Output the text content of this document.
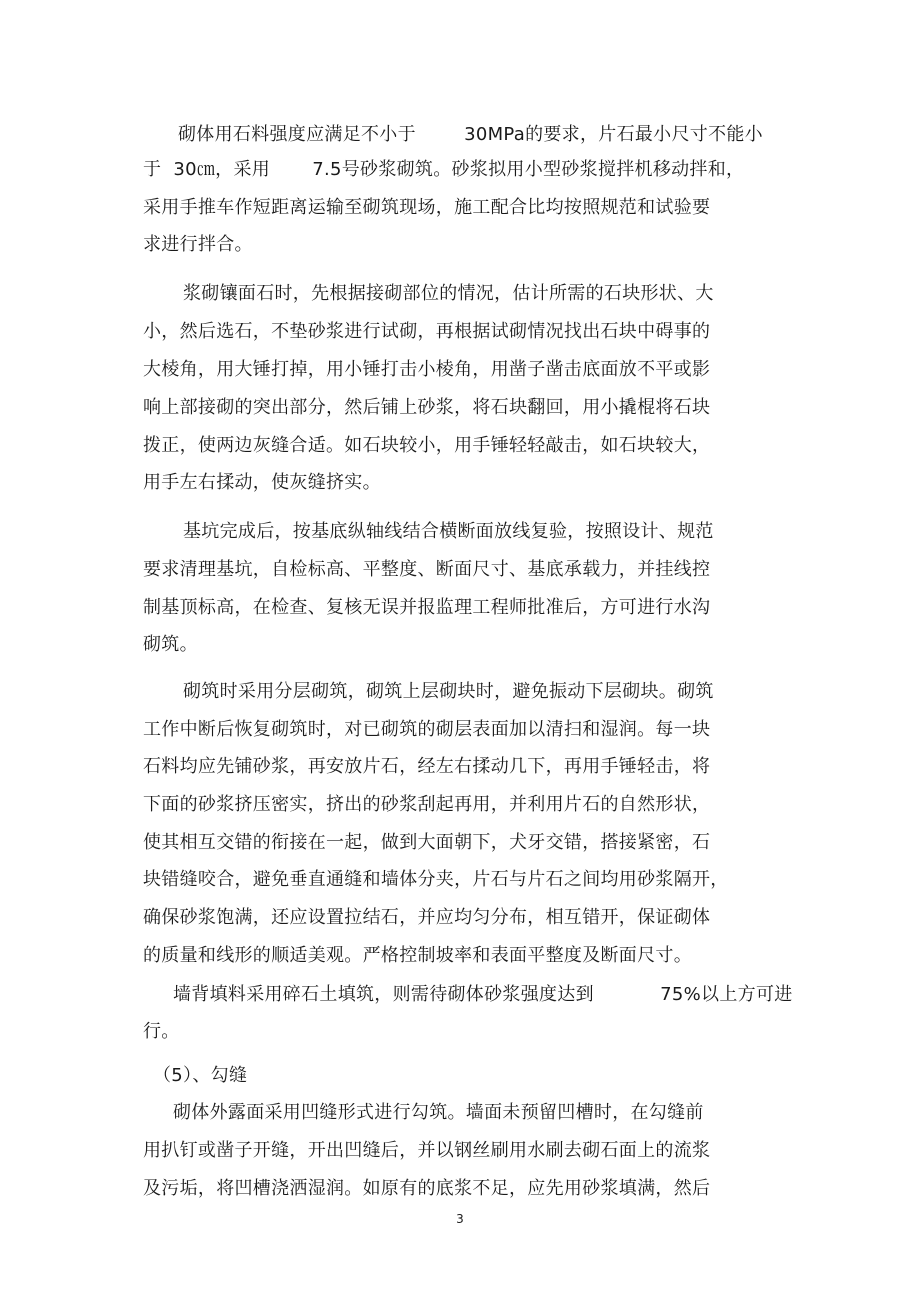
砌体用石料强度应满足不小于        30MPa的要求，片石最小尺寸不能小
于  30㎝，采用       7.5号砂浆砌筑。砂浆拟用小型砂浆搅拌机移动拌和，
采用手推车作短距离运输至砌筑现场，施工配合比均按照规范和试验要
求进行拌合。
浆砌镶面石时，先根据接砌部位的情况，估计所需的石块形状、大
小，然后选石，不垫砂浆进行试砌，再根据试砌情况找出石块中碍事的
大棱角，用大锤打掉，用小锤打击小棱角，用凿子凿击底面放不平或影
响上部接砌的突出部分，然后铺上砂浆，将石块翻回，用小撬棍将石块
拨正，使两边灰缝合适。如石块较小，用手锤轻轻敲击，如石块较大，
用手左右揉动，使灰缝挤实。
基坑完成后，按基底纵轴线结合横断面放线复验，按照设计、规范
要求清理基坑，自检标高、平整度、断面尺寸、基底承载力，并挂线控
制基顶标高，在检查、复核无误并报监理工程师批准后，方可进行水沟
砌筑。
砌筑时采用分层砌筑，砌筑上层砌块时，避免振动下层砌块。砌筑
工作中断后恢复砌筑时，对已砌筑的砌层表面加以清扫和湿润。每一块
石料均应先铺砂浆，再安放片石，经左右揉动几下，再用手锤轻击，将
下面的砂浆挤压密实，挤出的砂浆刮起再用，并利用片石的自然形状，
使其相互交错的衔接在一起，做到大面朝下，犬牙交错，搭接紧密，石
块错缝咬合，避免垂直通缝和墙体分夹，片石与片石之间均用砂浆隔开，
确保砂浆饱满，还应设置拉结石，并应均匀分布，相互错开，保证砌体
的质量和线形的顺适美观。严格控制坡率和表面平整度及断面尺寸。
墙背填料采用碎石土填筑，则需待砌体砂浆强度达到           75%以上方可进
行。
（5）、勾缝
砌体外露面采用凹缝形式进行勾筑。墙面未预留凹槽时，在勾缝前
用扒钉或凿子开缝，开出凹缝后，并以钢丝刷用水刷去砌石面上的流浆
及污垢，将凹槽浇洒湿润。如原有的底浆不足，应先用砂浆填满，然后
3
